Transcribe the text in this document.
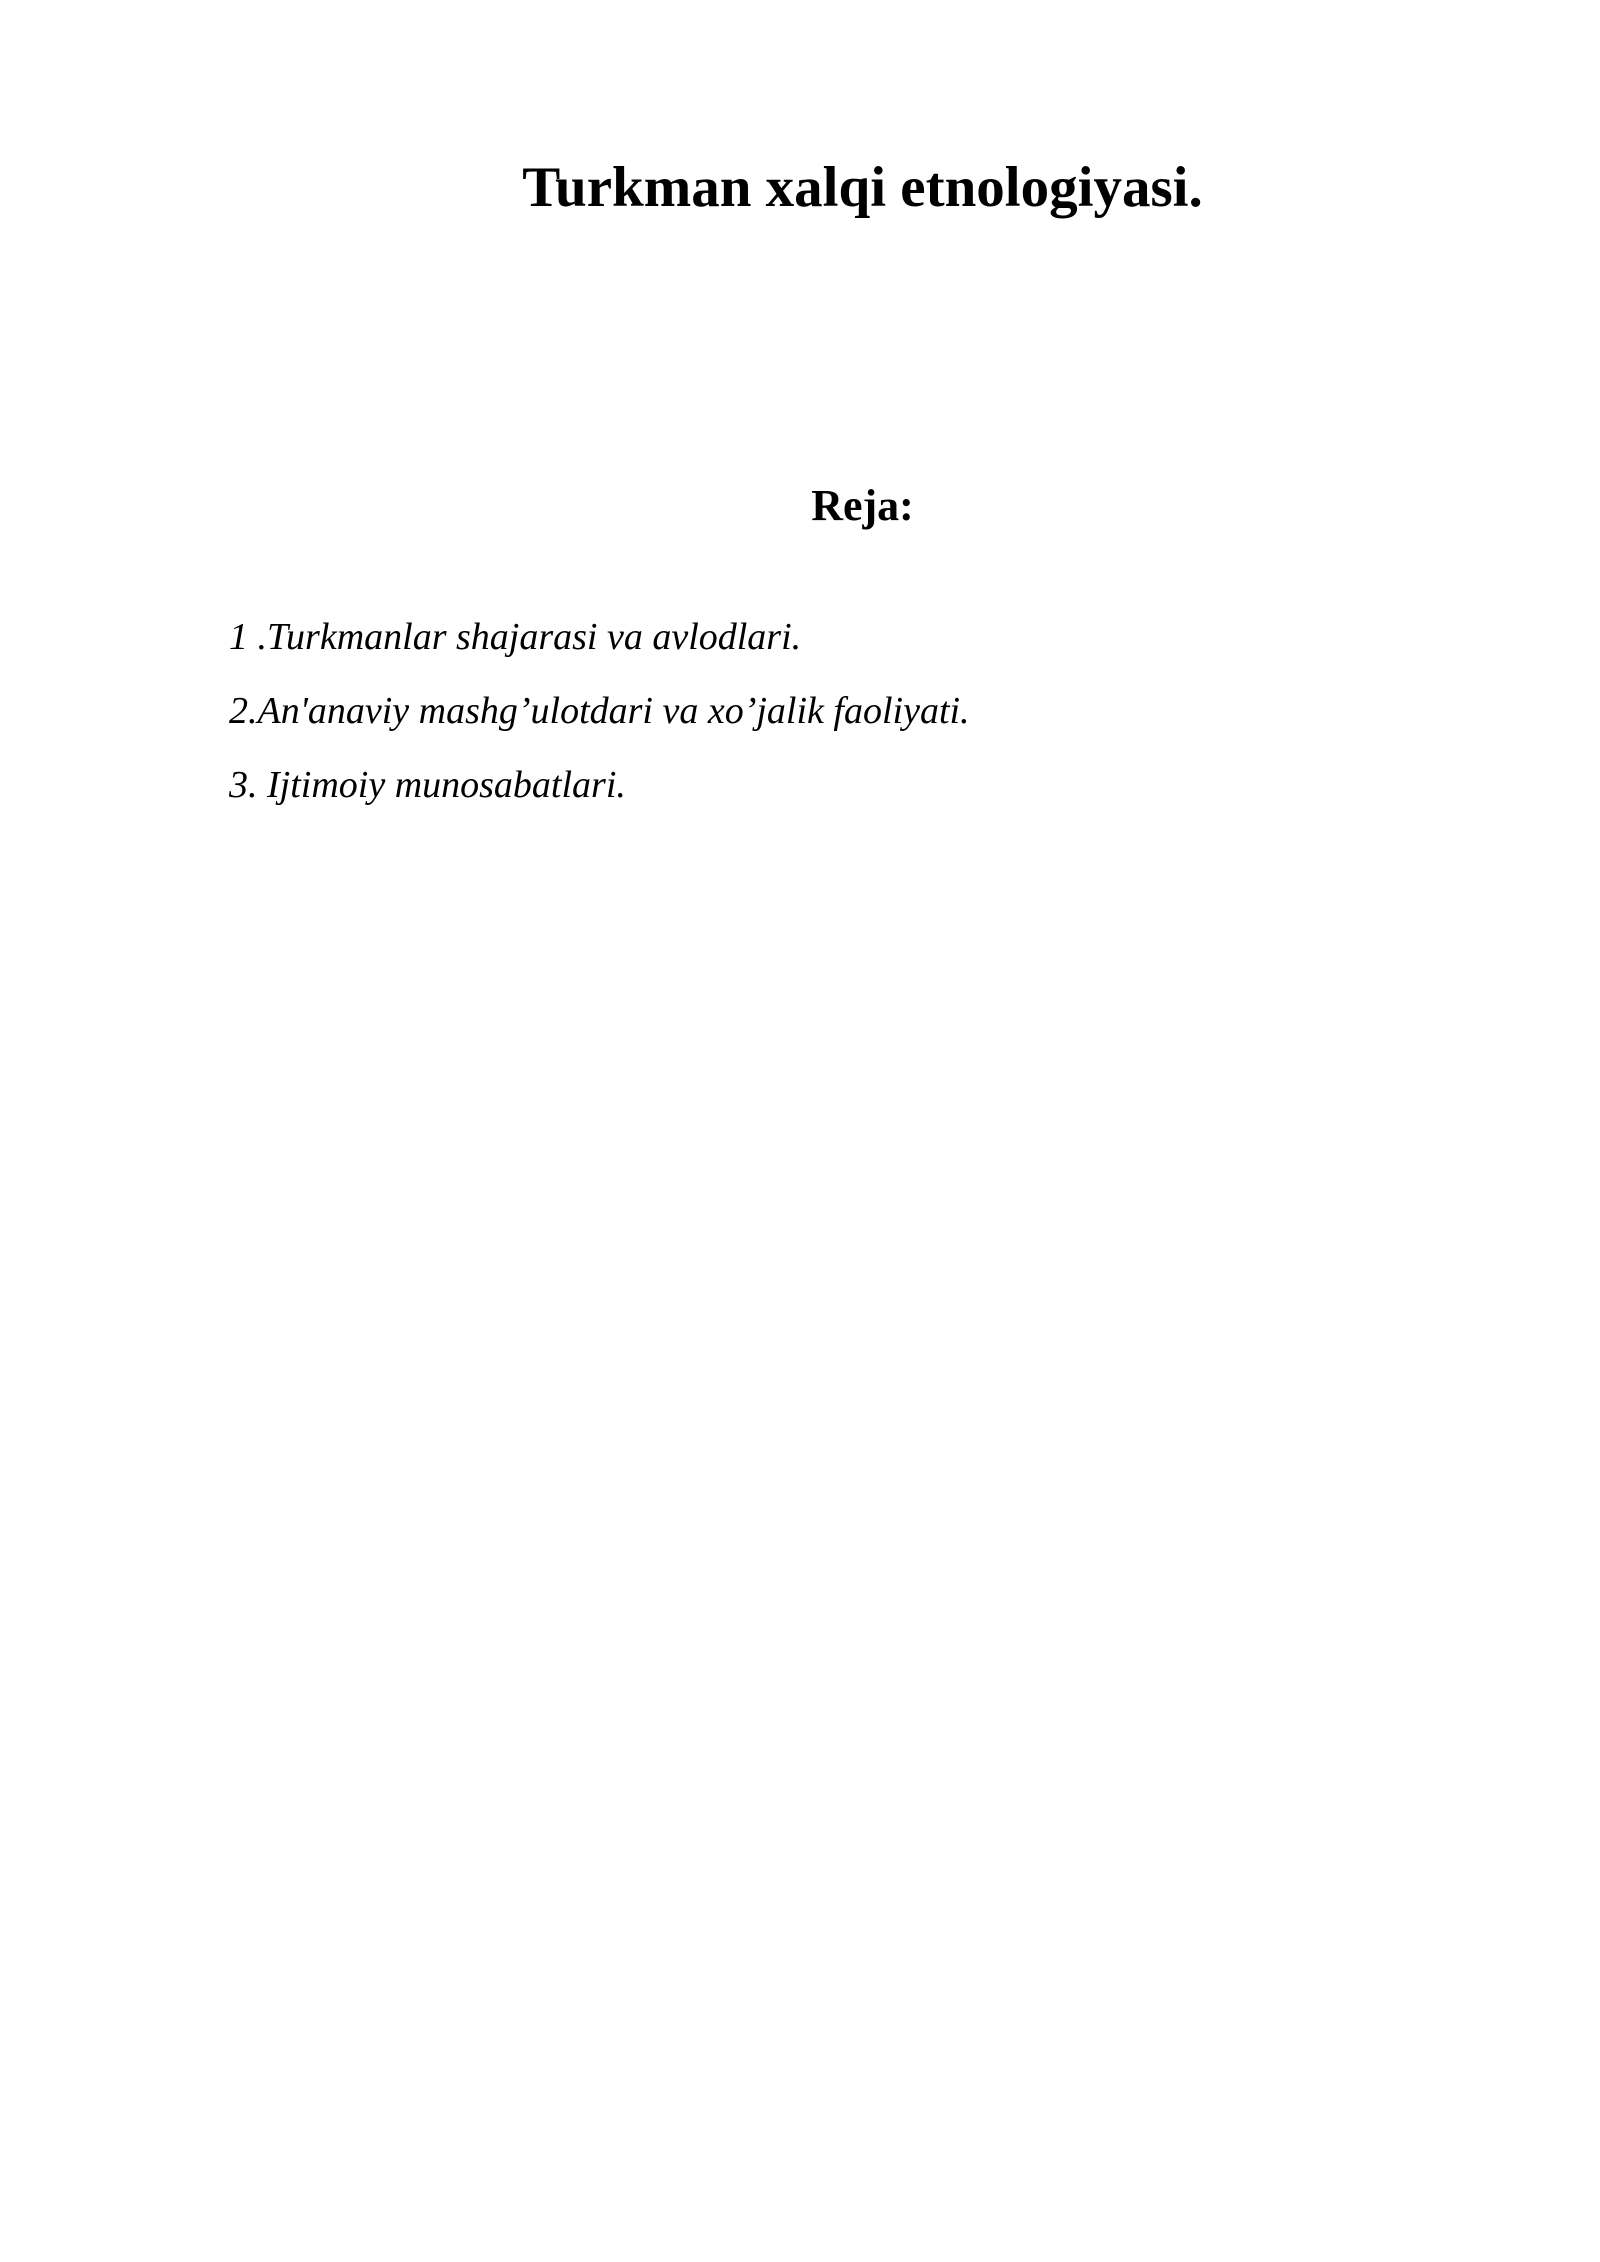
Turkman xalqi etnologiyasi.
Reja:
1 .Turkmanlar shajarasi va avlodlari.
2.An'anaviy mashg’ulotdari va xo’jalik faoliyati.
3. Ijtimoiy munosabatlari.
